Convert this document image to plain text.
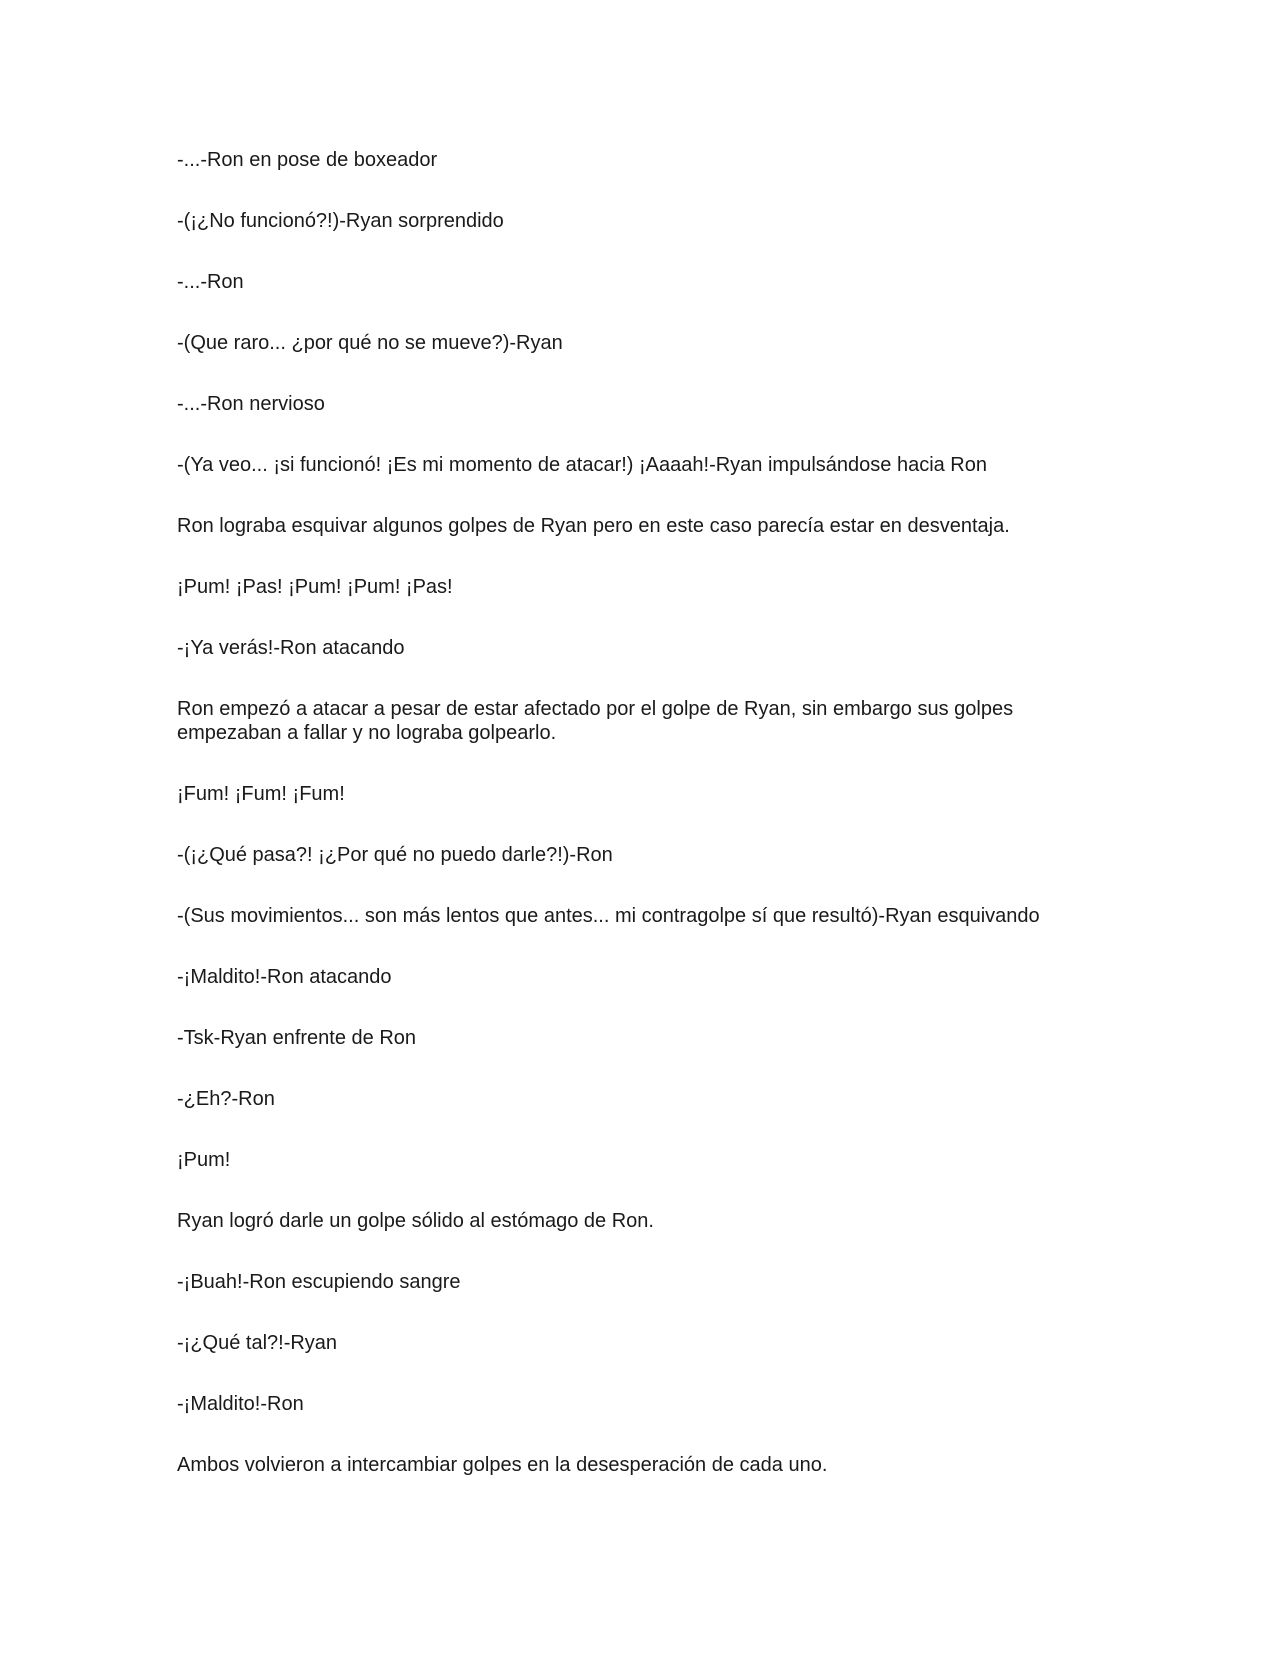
-...-Ron en pose de boxeador

-(¡¿No funcionó?!)-Ryan sorprendido

-...-Ron

-(Que raro... ¿por qué no se mueve?)-Ryan

-...-Ron nervioso

-(Ya veo... ¡si funcionó! ¡Es mi momento de atacar!) ¡Aaaah!-Ryan impulsándose hacia Ron

Ron lograba esquivar algunos golpes de Ryan pero en este caso parecía estar en desventaja.

¡Pum! ¡Pas! ¡Pum! ¡Pum! ¡Pas!

-¡Ya verás!-Ron atacando

Ron empezó a atacar a pesar de estar afectado por el golpe de Ryan, sin embargo sus golpes empezaban a fallar y no lograba golpearlo.

¡Fum! ¡Fum! ¡Fum!

-(¡¿Qué pasa?! ¡¿Por qué no puedo darle?!)-Ron

-(Sus movimientos... son más lentos que antes... mi contragolpe sí que resultó)-Ryan esquivando

-¡Maldito!-Ron atacando

-Tsk-Ryan enfrente de Ron

-¿Eh?-Ron

¡Pum!

Ryan logró darle un golpe sólido al estómago de Ron.

-¡Buah!-Ron escupiendo sangre

-¡¿Qué tal?!-Ryan

-¡Maldito!-Ron

Ambos volvieron a intercambiar golpes en la desesperación de cada uno.
